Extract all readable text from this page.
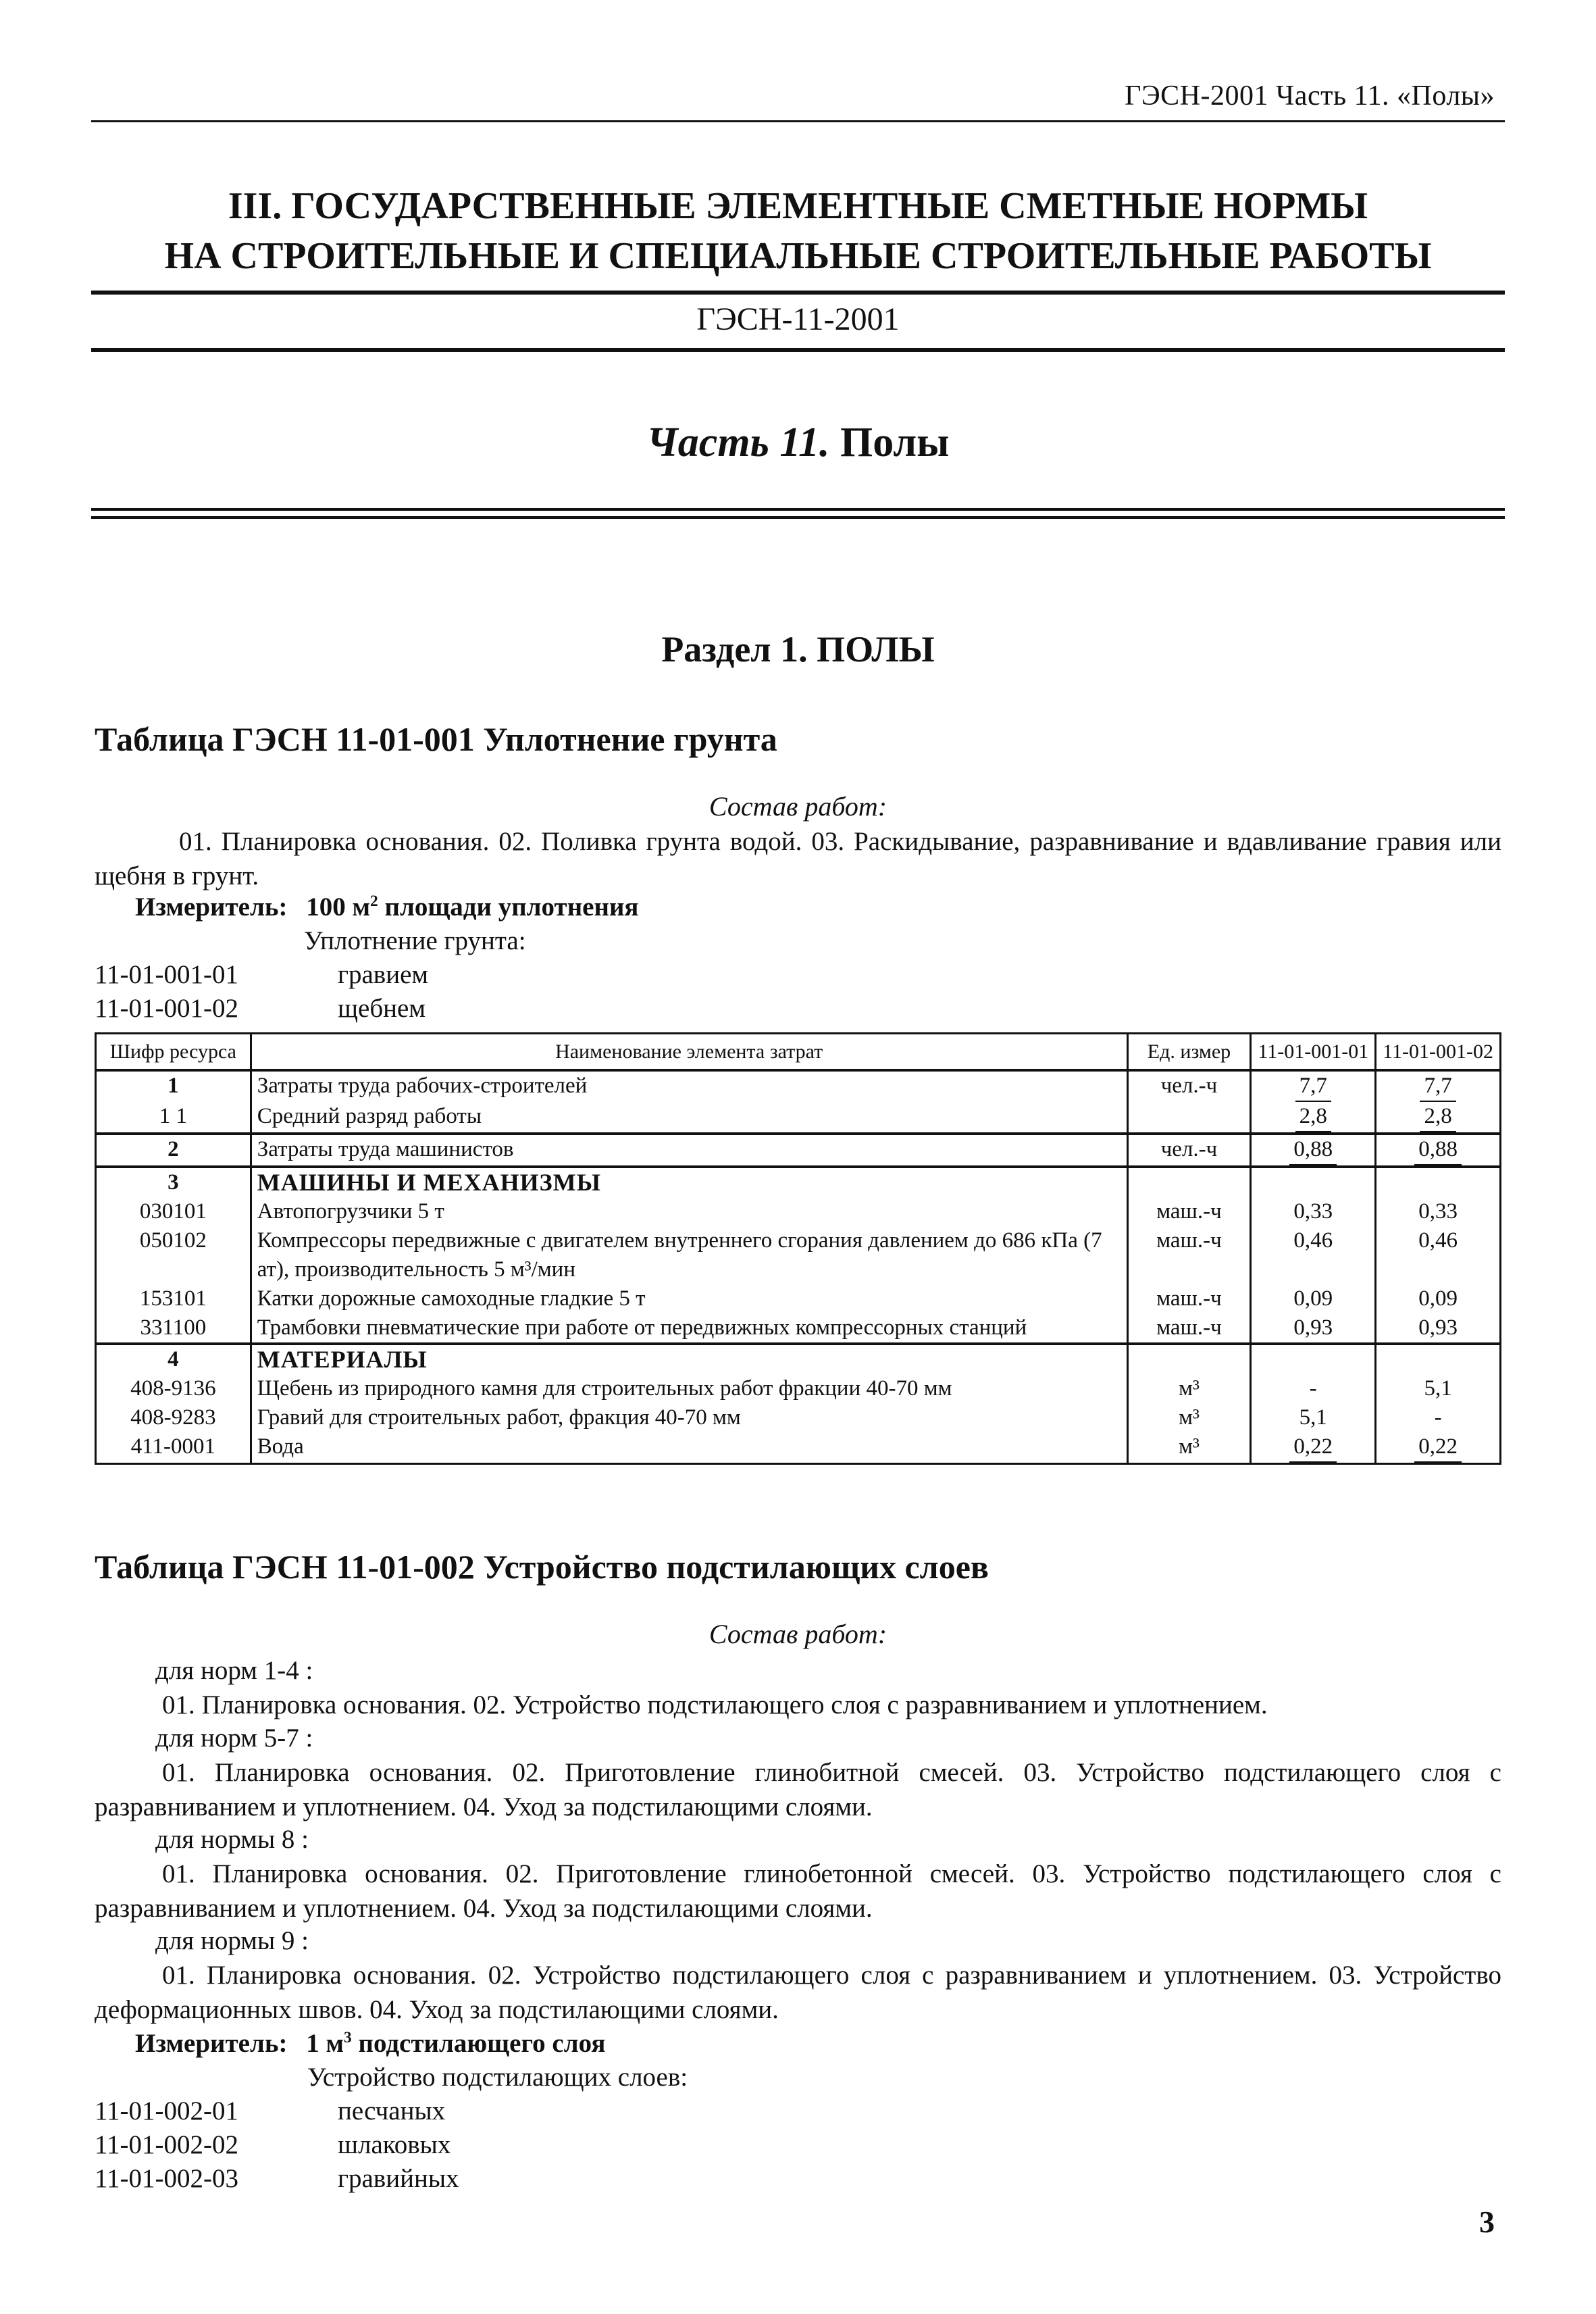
ГЭСН-2001 Часть 11. «Полы»
III. ГОСУДАРСТВЕННЫЕ ЭЛЕМЕНТНЫЕ СМЕТНЫЕ НОРМЫ
НА СТРОИТЕЛЬНЫЕ И СПЕЦИАЛЬНЫЕ СТРОИТЕЛЬНЫЕ РАБОТЫ
ГЭСН-11-2001
Часть 11. Полы
Раздел 1. ПОЛЫ
Таблица ГЭСН 11-01-001 Уплотнение грунта
Состав работ:
01. Планировка основания. 02. Поливка грунта водой. 03. Раскидывание, разравнивание и вдавливание гравия или щебня в грунт.
Измеритель: 100 $м^2$ площади уплотнения
Уплотнение грунта:
11-01-001-01	гравием
11-01-001-02	щебнем
Шифр ресурса	Наименование элемента затрат	Ед. измер	11-01-001-01	11-01-001-02
1	Затраты труда рабочих-строителей	чел.-ч	7,7	7,7
1 1	Средний разряд работы		2,8	2,8
2	Затраты труда машинистов	чел.-ч	0,88	0,88
3	МАШИНЫ И МЕХАНИЗМЫ			
030101	Автопогрузчики 5 т	маш.-ч	0,33	0,33
050102	Компрессоры передвижные с двигателем внутреннего сгорания давлением до 686 кПа (7 ат), производительность 5 м³/мин	маш.-ч	0,46	0,46
153101	Катки дорожные самоходные гладкие 5 т	маш.-ч	0,09	0,09
331100	Трамбовки пневматические при работе от передвижных компрессорных станций	маш.-ч	0,93	0,93
4	МАТЕРИАЛЫ			
408-9136	Щебень из природного камня для строительных работ фракции 40-70 мм	м³	-	5,1
408-9283	Гравий для строительных работ, фракция 40-70 мм	м³	5,1	-
411-0001	Вода	м³	0,22	0,22
Таблица ГЭСН 11-01-002 Устройство подстилающих слоев
Состав работ:
для норм 1-4 :
01. Планировка основания. 02. Устройство подстилающего слоя с разравниванием и уплотнением.
для норм 5-7 :
01. Планировка основания. 02. Приготовление глинобитной смесей. 03. Устройство подстилающего слоя с разравниванием и уплотнением. 04. Уход за подстилающими слоями.
для нормы 8 :
01. Планировка основания. 02. Приготовление глинобетонной смесей. 03. Устройство подстилающего слоя с разравниванием и уплотнением. 04. Уход за подстилающими слоями.
для нормы 9 :
01. Планировка основания. 02. Устройство подстилающего слоя с разравниванием и уплотнением. 03. Устройство деформационных швов. 04. Уход за подстилающими слоями.
Измеритель: 1 $м^3$ подстилающего слоя
Устройство подстилающих слоев:
11-01-002-01	песчаных
11-01-002-02	шлаковых
11-01-002-03	гравийных
3
